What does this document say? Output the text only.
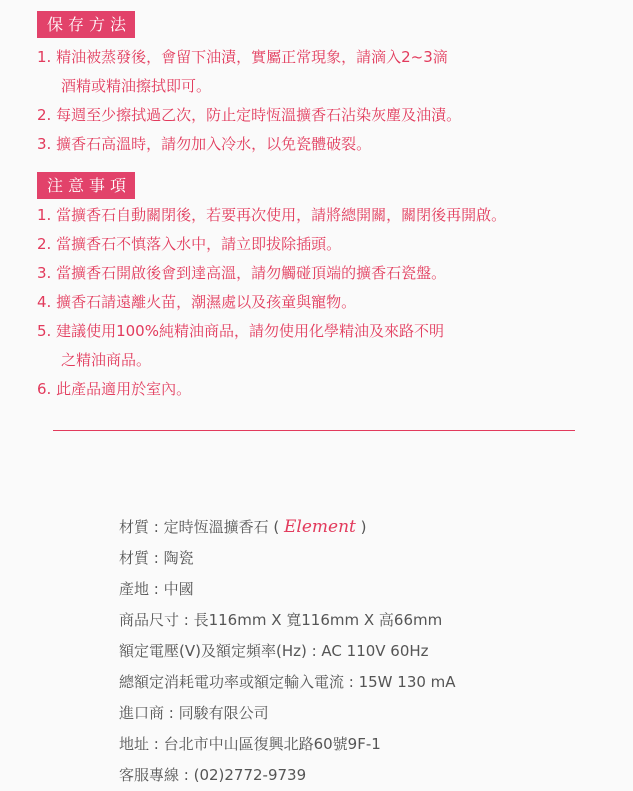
保存方法
1. 精油被蒸發後，會留下油漬，實屬正常現象，請滴入2~3滴
酒精或精油擦拭即可。
2. 每週至少擦拭過乙次，防止定時恆溫擴香石沾染灰塵及油漬。
3. 擴香石高溫時，請勿加入冷水，以免瓷體破裂。
注意事項
1. 當擴香石自動關閉後，若要再次使用，請將總開關，關閉後再開啟。
2. 當擴香石不慎落入水中，請立即拔除插頭。
3. 當擴香石開啟後會到達高溫，請勿觸碰頂端的擴香石瓷盤。
4. 擴香石請遠離火苗，潮濕處以及孩童與寵物。
5. 建議使用100%純精油商品，請勿使用化學精油及來路不明
之精油商品。
6. 此產品適用於室內。
材質 : 定時恆溫擴香石 ( Element )
材質 : 陶瓷
產地 : 中國
商品尺寸 : 長116mm X 寬116mm X 高66mm
額定電壓(V)及額定頻率(Hz) : AC 110V 60Hz
總額定消耗電功率或額定輸入電流 : 15W 130 mA
進口商 : 同駿有限公司
地址 : 台北市中山區復興北路60號9F-1
客服專線 : (02)2772-9739
